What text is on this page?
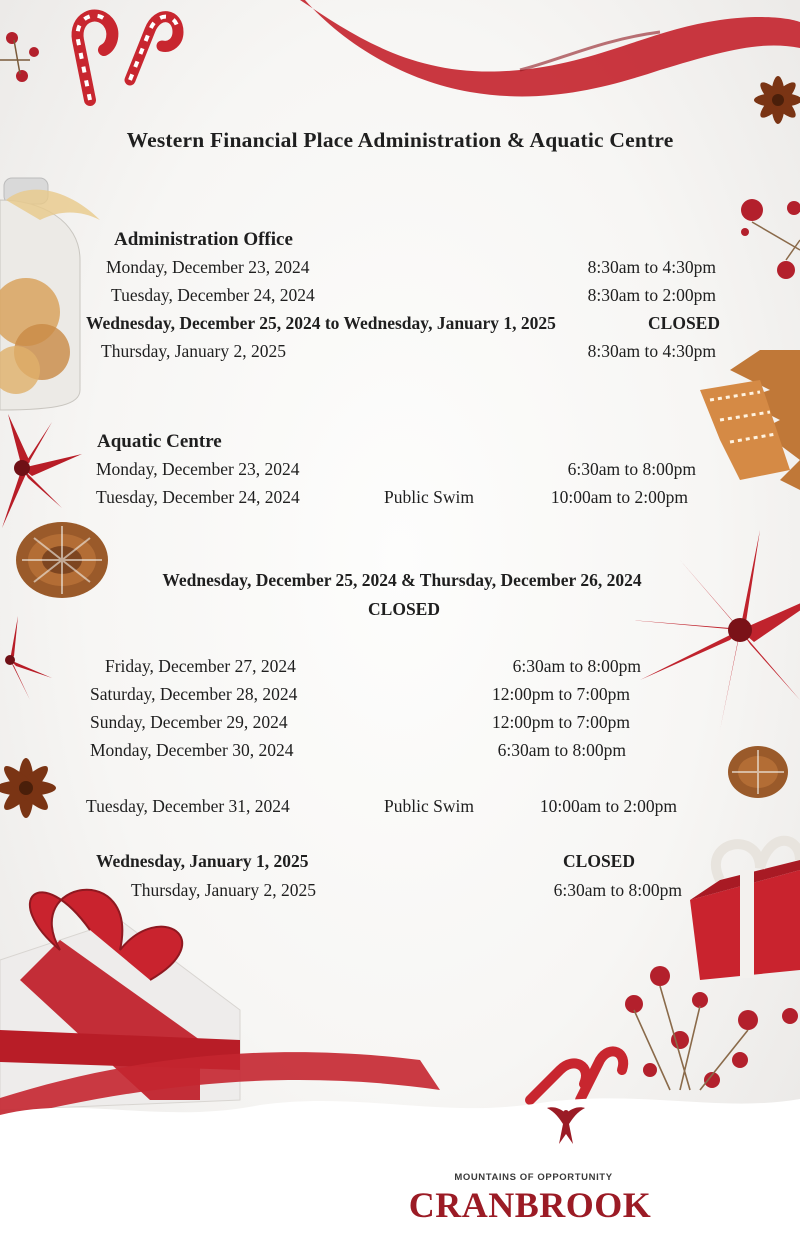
Western Financial Place Administration & Aquatic Centre
Administration Office
Monday, December 23, 2024	8:30am to 4:30pm
Tuesday, December 24, 2024	8:30am to 2:00pm
Wednesday, December 25, 2024 to Wednesday, January 1, 2025	CLOSED
Thursday, January 2, 2025	8:30am to 4:30pm
Aquatic Centre
Monday, December 23, 2024	6:30am to 8:00pm
Tuesday, December 24, 2024	Public Swim	10:00am to 2:00pm
Wednesday, December 25, 2024 & Thursday, December 26, 2024
CLOSED
Friday, December 27, 2024	6:30am to 8:00pm
Saturday, December 28, 2024	12:00pm to 7:00pm
Sunday, December 29, 2024	12:00pm to 7:00pm
Monday, December 30, 2024	6:30am to 8:00pm
Tuesday, December 31, 2024	Public Swim	10:00am to 2:00pm
Wednesday, January 1, 2025	CLOSED
Thursday, January 2, 2025	6:30am to 8:00pm
MOUNTAINS OF OPPORTUNITY
CRANBROOK
